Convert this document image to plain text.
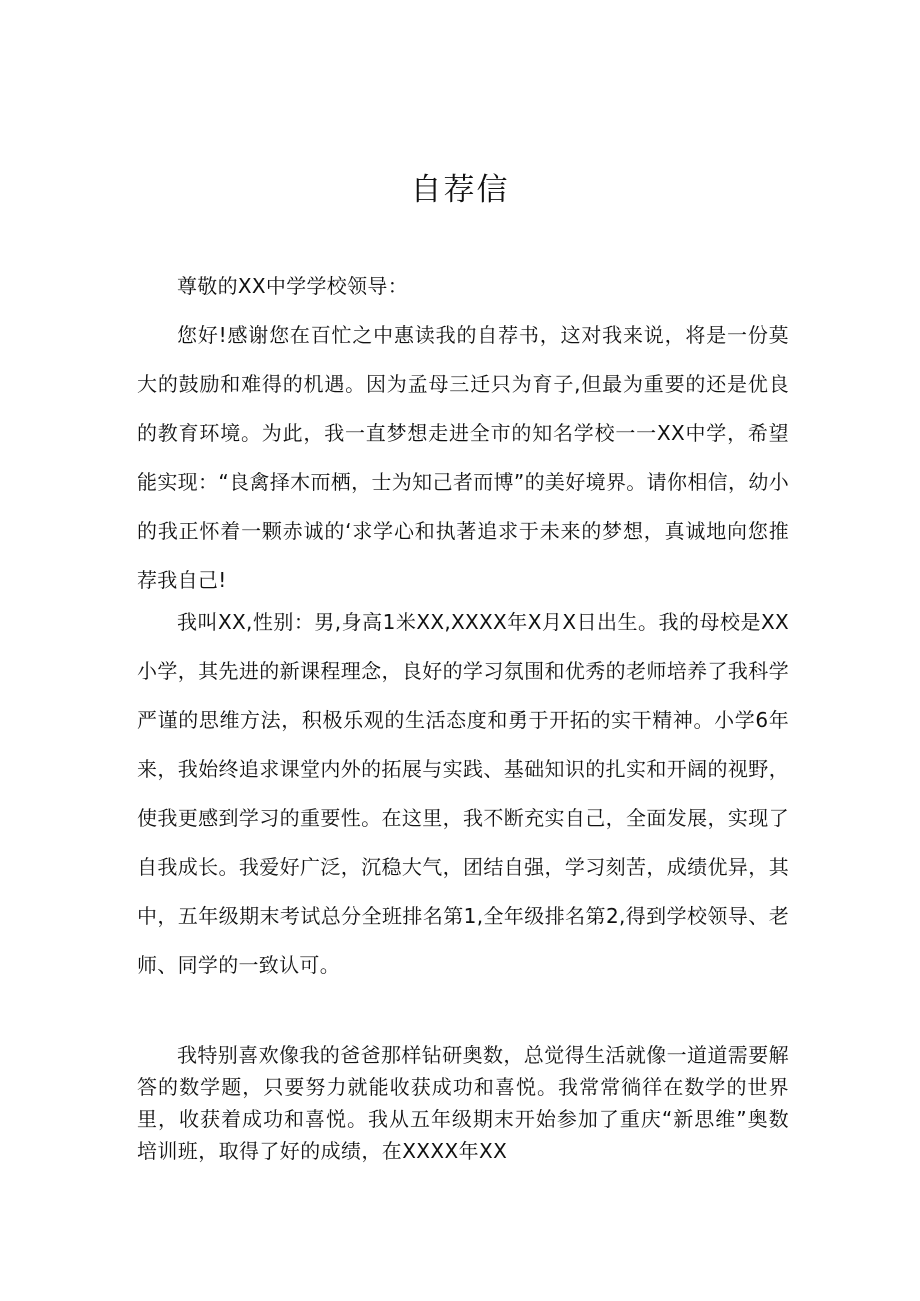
自荐信

尊敬的XX中学学校领导：

您好!感谢您在百忙之中惠读我的自荐书，这对我来说，将是一份莫大的鼓励和难得的机遇。因为孟母三迁只为育子,但最为重要的还是优良的教育环境。为此，我一直梦想走进全市的知名学校一一XX中学，希望能实现：“良禽择木而栖，士为知己者而博”的美好境界。请你相信，幼小的我正怀着一颗赤诚的‘求学心和执著追求于未来的梦想，真诚地向您推荐我自己!

我叫XX,性别：男,身高1米XX,XXXX年X月X日出生。我的母校是XX小学，其先进的新课程理念，良好的学习氛围和优秀的老师培养了我科学严谨的思维方法，积极乐观的生活态度和勇于开拓的实干精神。小学6年来，我始终追求课堂内外的拓展与实践、基础知识的扎实和开阔的视野，使我更感到学习的重要性。在这里，我不断充实自己，全面发展，实现了自我成长。我爱好广泛，沉稳大气，团结自强，学习刻苦，成绩优异，其中，五年级期末考试总分全班排名第1,全年级排名第2,得到学校领导、老师、同学的一致认可。

我特别喜欢像我的爸爸那样钻研奥数，总觉得生活就像一道道需要解答的数学题，只要努力就能收获成功和喜悦。我常常徜徉在数学的世界里，收获着成功和喜悦。我从五年级期末开始参加了重庆“新思维”奥数培训班，取得了好的成绩，在XXXX年XX
